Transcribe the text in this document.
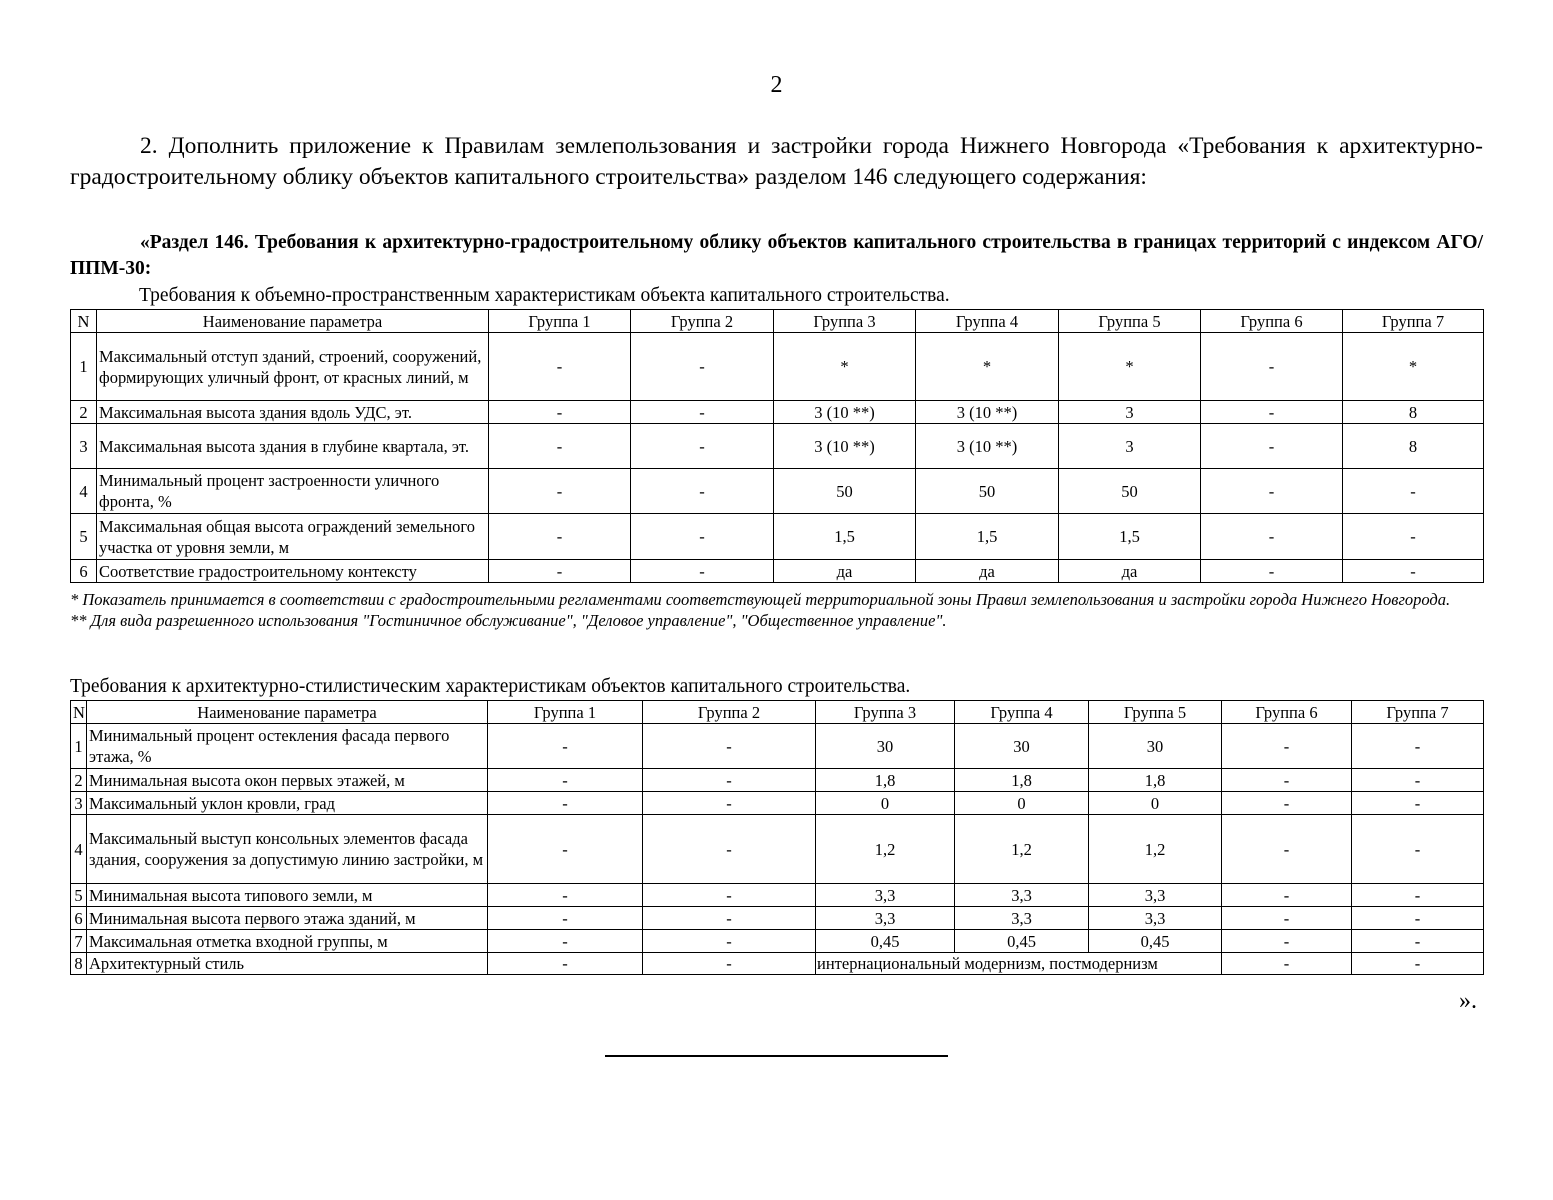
2
2. Дополнить приложение к Правилам землепользования и застройки города Нижнего Новгорода «Требования к архитектурно-градостроительному облику объектов капитального строительства» разделом 146 следующего содержания:
«Раздел 146. Требования к архитектурно-градостроительному облику объектов капитального строительства в границах территорий с индексом АГО/ППМ-30:
Требования к объемно-пространственным характеристикам объекта капитального строительства.
N	Наименование параметра	Группа 1	Группа 2	Группа 3	Группа 4	Группа 5	Группа 6	Группа 7
1	Максимальный отступ зданий, строений, сооружений, формирующих уличный фронт, от красных линий, м	-	-	*	*	*	-	*
2	Максимальная высота здания вдоль УДС, эт.	-	-	3 (10 **)	3 (10 **)	3	-	8
3	Максимальная высота здания в глубине квартала, эт.	-	-	3 (10 **)	3 (10 **)	3	-	8
4	Минимальный процент застроенности уличного фронта, %	-	-	50	50	50	-	-
5	Максимальная общая высота ограждений земельного участка от уровня земли, м	-	-	1,5	1,5	1,5	-	-
6	Соответствие градостроительному контексту	-	-	да	да	да	-	-
* Показатель принимается в соответствии с градостроительными регламентами соответствующей территориальной зоны Правил землепользования и застройки города Нижнего Новгорода.
** Для вида разрешенного использования "Гостиничное обслуживание", "Деловое управление", "Общественное управление".
Требования к архитектурно-стилистическим характеристикам объектов капитального строительства.
N	Наименование параметра	Группа 1	Группа 2	Группа 3	Группа 4	Группа 5	Группа 6	Группа 7
1	Минимальный процент остекления фасада первого этажа, %	-	-	30	30	30	-	-
2	Минимальная высота окон первых этажей, м	-	-	1,8	1,8	1,8	-	-
3	Максимальный уклон кровли, град	-	-	0	0	0	-	-
4	Максимальный выступ консольных элементов фасада здания, сооружения за допустимую линию застройки, м	-	-	1,2	1,2	1,2	-	-
5	Минимальная высота типового земли, м	-	-	3,3	3,3	3,3	-	-
6	Минимальная высота первого этажа зданий, м	-	-	3,3	3,3	3,3	-	-
7	Максимальная отметка входной группы, м	-	-	0,45	0,45	0,45	-	-
8	Архитектурный стиль	-	-	интернациональный модернизм, постмодернизм			-	-
».
